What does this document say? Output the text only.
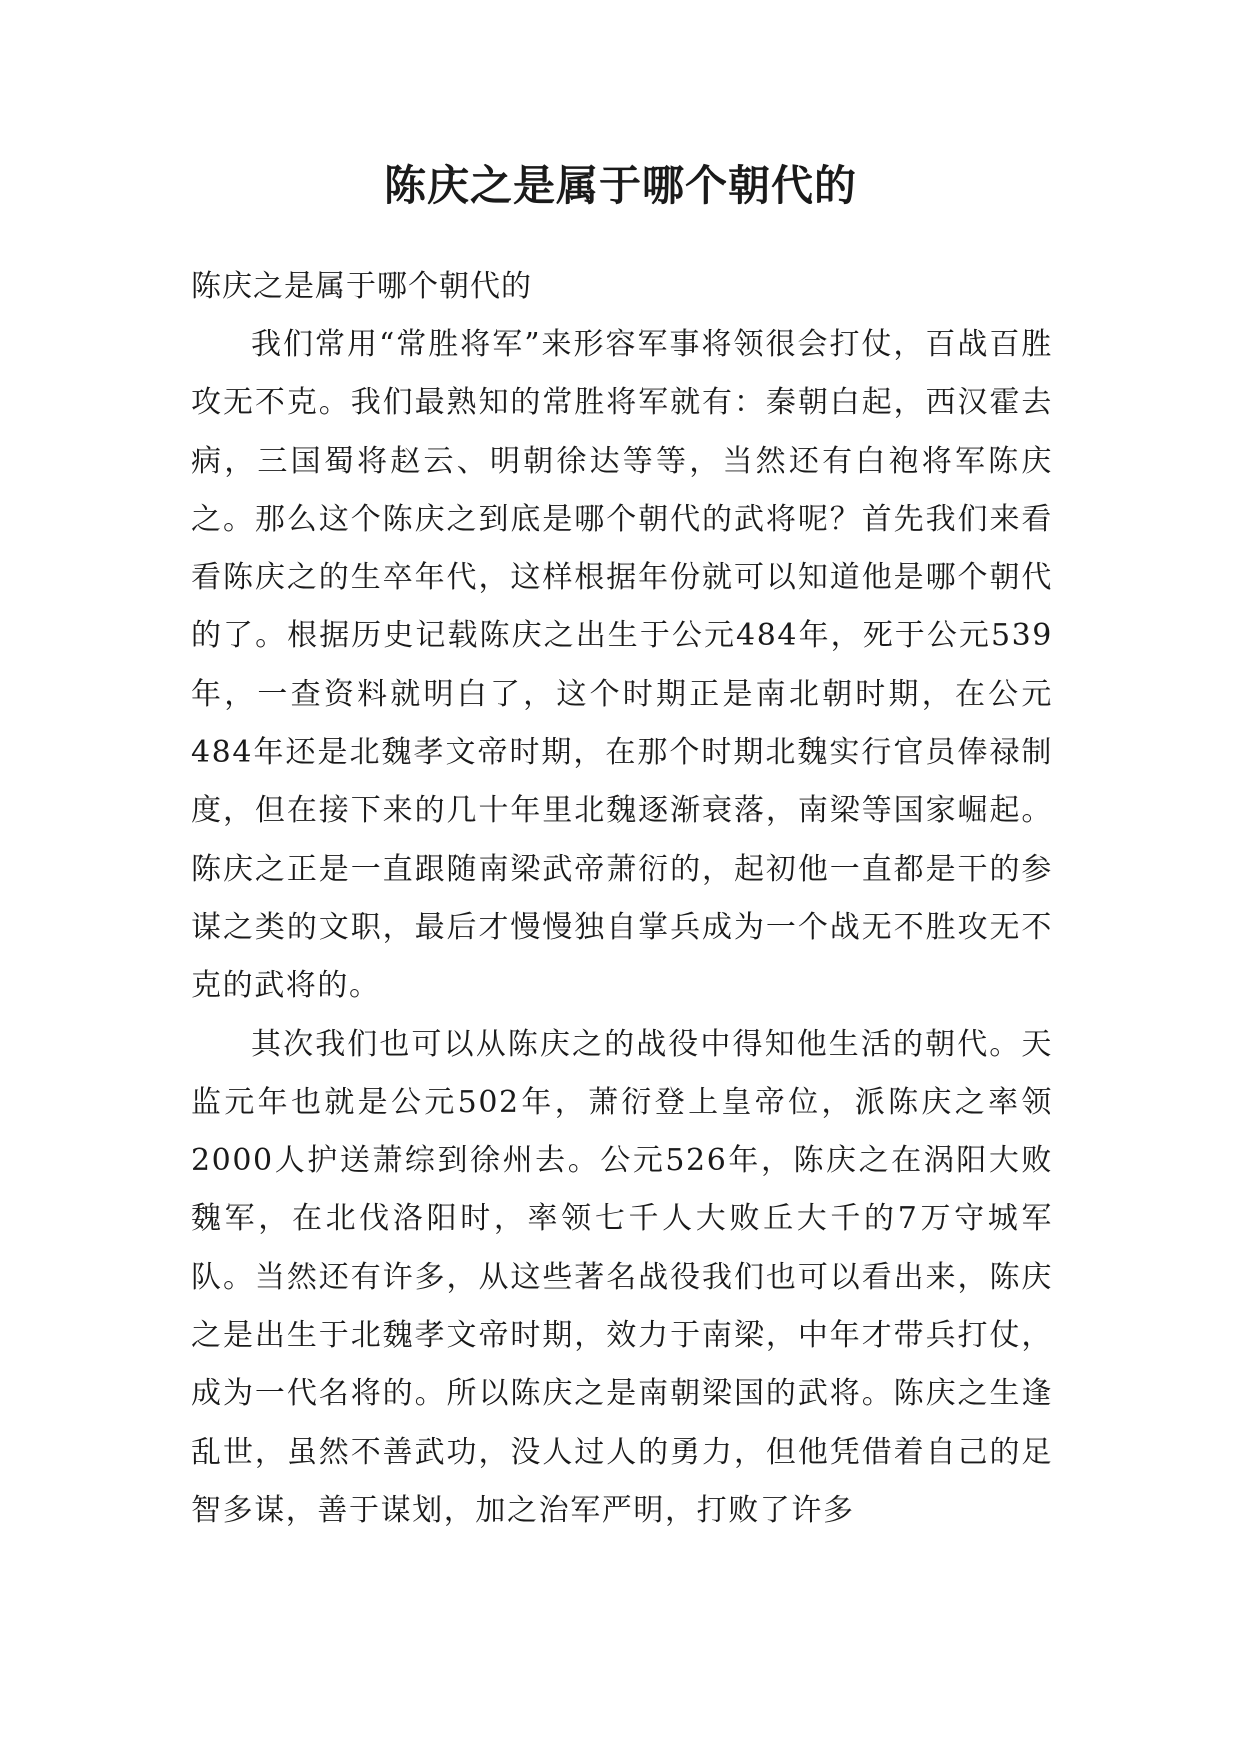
陈庆之是属于哪个朝代的

陈庆之是属于哪个朝代的

我们常用“常胜将军”来形容军事将领很会打仗，百战百胜攻无不克。我们最熟知的常胜将军就有：秦朝白起，西汉霍去病，三国蜀将赵云、明朝徐达等等，当然还有白袍将军陈庆之。那么这个陈庆之到底是哪个朝代的武将呢？首先我们来看看陈庆之的生卒年代，这样根据年份就可以知道他是哪个朝代的了。根据历史记载陈庆之出生于公元484年，死于公元539年，一查资料就明白了，这个时期正是南北朝时期，在公元484年还是北魏孝文帝时期，在那个时期北魏实行官员俸禄制度，但在接下来的几十年里北魏逐渐衰落，南梁等国家崛起。陈庆之正是一直跟随南梁武帝萧衍的，起初他一直都是干的参谋之类的文职，最后才慢慢独自掌兵成为一个战无不胜攻无不克的武将的。

其次我们也可以从陈庆之的战役中得知他生活的朝代。天监元年也就是公元502年，萧衍登上皇帝位，派陈庆之率领2000人护送萧综到徐州去。公元526年，陈庆之在涡阳大败魏军，在北伐洛阳时，率领七千人大败丘大千的7万守城军队。当然还有许多，从这些著名战役我们也可以看出来，陈庆之是出生于北魏孝文帝时期，效力于南梁，中年才带兵打仗，成为一代名将的。所以陈庆之是南朝梁国的武将。陈庆之生逢乱世，虽然不善武功，没人过人的勇力，但他凭借着自己的足智多谋，善于谋划，加之治军严明，打败了许多
